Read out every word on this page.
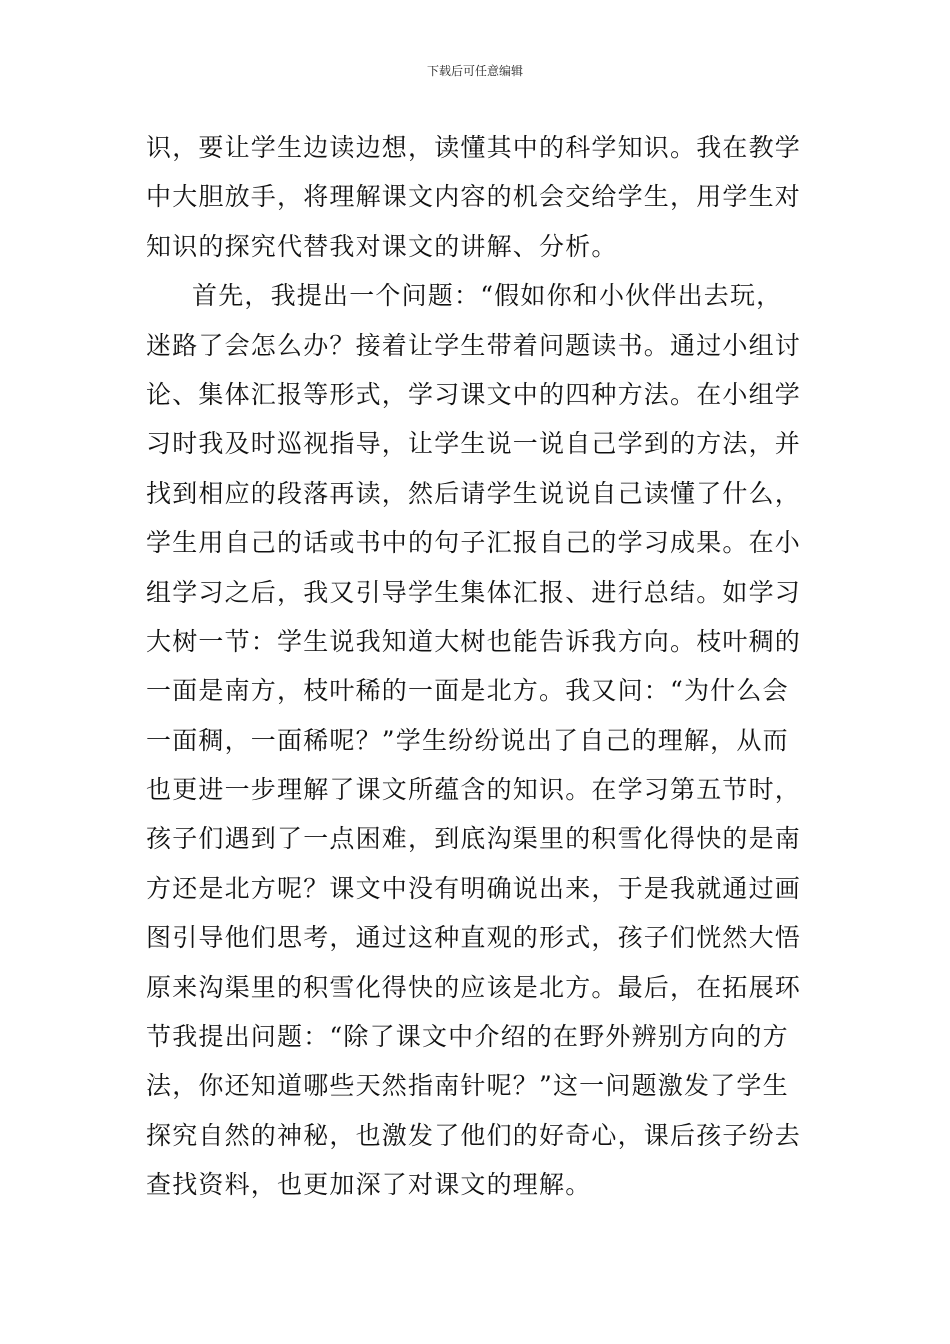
下载后可任意编辑
识，要让学生边读边想，读懂其中的科学知识。我在教学
中大胆放手，将理解课文内容的机会交给学生，用学生对
知识的探究代替我对课文的讲解、分析。
首先，我提出一个问题：“假如你和小伙伴出去玩，
迷路了会怎么办？接着让学生带着问题读书。通过小组讨
论、集体汇报等形式，学习课文中的四种方法。在小组学
习时我及时巡视指导，让学生说一说自己学到的方法，并
找到相应的段落再读，然后请学生说说自己读懂了什么，
学生用自己的话或书中的句子汇报自己的学习成果。在小
组学习之后，我又引导学生集体汇报、进行总结。如学习
大树一节：学生说我知道大树也能告诉我方向。枝叶稠的
一面是南方，枝叶稀的一面是北方。我又问：“为什么会
一面稠，一面稀呢？”学生纷纷说出了自己的理解，从而
也更进一步理解了课文所蕴含的知识。在学习第五节时，
孩子们遇到了一点困难，到底沟渠里的积雪化得快的是南
方还是北方呢？课文中没有明确说出来，于是我就通过画
图引导他们思考，通过这种直观的形式，孩子们恍然大悟
原来沟渠里的积雪化得快的应该是北方。最后，在拓展环
节我提出问题：“除了课文中介绍的在野外辨别方向的方
法，你还知道哪些天然指南针呢？”这一问题激发了学生
探究自然的神秘，也激发了他们的好奇心，课后孩子纷去
查找资料，也更加深了对课文的理解。
